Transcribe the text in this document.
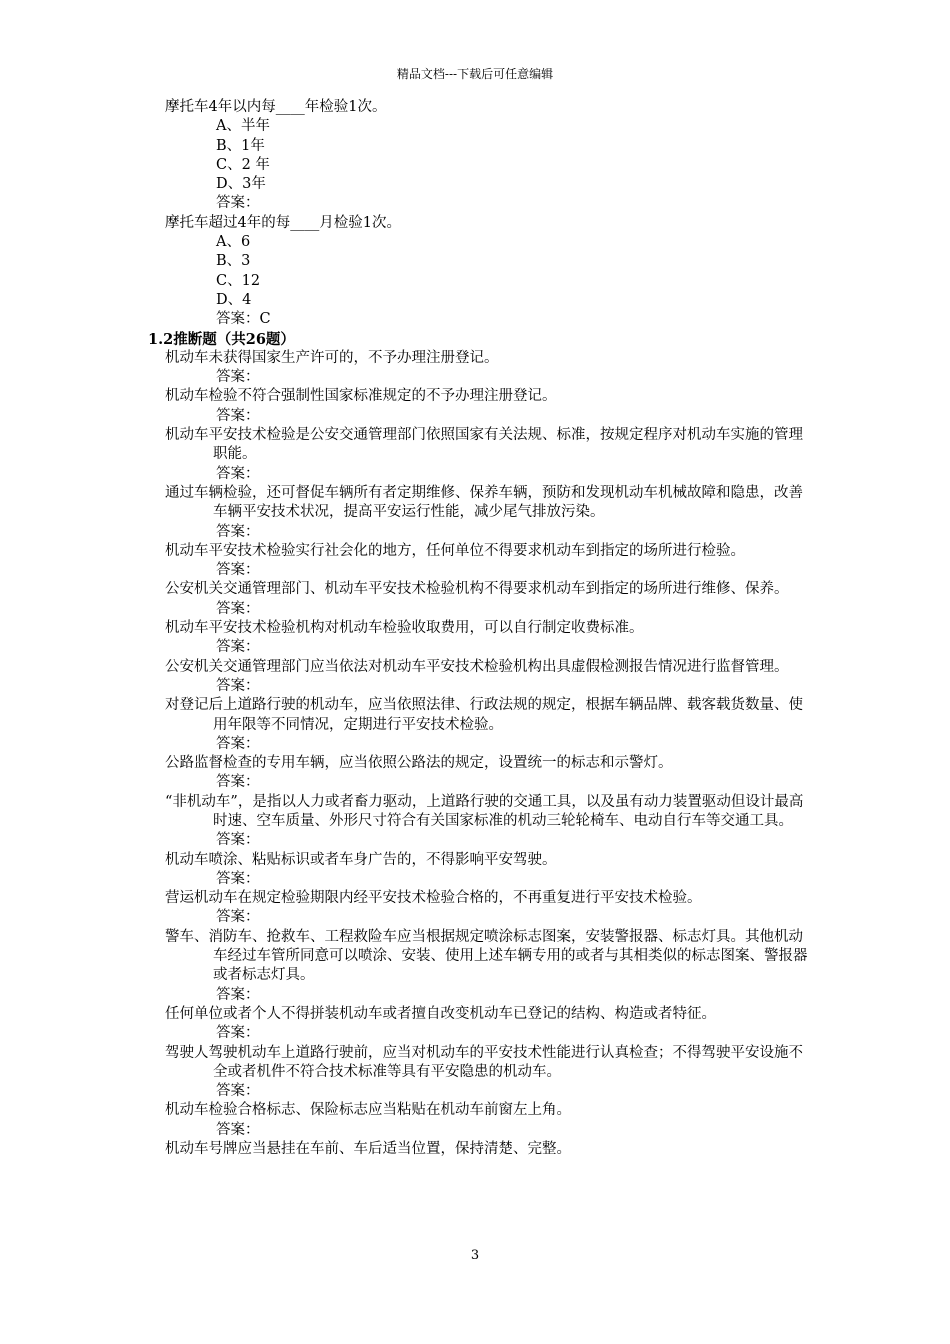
精品文档---下载后可任意编辑

摩托车4年以内每____年检验1次。

A、半年

B、1年

C、2 年

D、3年

答案：

摩托车超过4年的每____月检验1次。

A、6

B、3

C、12

D、4

答案：C

1.2推断题（共26题）

机动车未获得国家生产许可的，不予办理注册登记。

答案：

机动车检验不符合强制性国家标准规定的不予办理注册登记。

答案：

机动车平安技术检验是公安交通管理部门依照国家有关法规、标准，按规定程序对机动车实施的管理职能。

答案：

通过车辆检验，还可督促车辆所有者定期维修、保养车辆，预防和发现机动车机械故障和隐患，改善车辆平安技术状况，提高平安运行性能，减少尾气排放污染。

答案：

机动车平安技术检验实行社会化的地方，任何单位不得要求机动车到指定的场所进行检验。

答案：

公安机关交通管理部门、机动车平安技术检验机构不得要求机动车到指定的场所进行维修、保养。

答案：

机动车平安技术检验机构对机动车检验收取费用，可以自行制定收费标准。

答案：

公安机关交通管理部门应当依法对机动车平安技术检验机构出具虚假检测报告情况进行监督管理。

答案：

对登记后上道路行驶的机动车，应当依照法律、行政法规的规定，根据车辆品牌、载客载货数量、使用年限等不同情况，定期进行平安技术检验。

答案：

公路监督检查的专用车辆，应当依照公路法的规定，设置统一的标志和示警灯。

答案：

“非机动车”，是指以人力或者畜力驱动，上道路行驶的交通工具，以及虽有动力装置驱动但设计最高时速、空车质量、外形尺寸符合有关国家标准的机动三轮轮椅车、电动自行车等交通工具。

答案：

机动车喷涂、粘贴标识或者车身广告的，不得影响平安驾驶。

答案：

营运机动车在规定检验期限内经平安技术检验合格的，不再重复进行平安技术检验。

答案：

警车、消防车、抢救车、工程救险车应当根据规定喷涂标志图案，安装警报器、标志灯具。其他机动车经过车管所同意可以喷涂、安装、使用上述车辆专用的或者与其相类似的标志图案、警报器或者标志灯具。

答案：

任何单位或者个人不得拼装机动车或者擅自改变机动车已登记的结构、构造或者特征。

答案：

驾驶人驾驶机动车上道路行驶前，应当对机动车的平安技术性能进行认真检查；不得驾驶平安设施不全或者机件不符合技术标准等具有平安隐患的机动车。

答案：

机动车检验合格标志、保险标志应当粘贴在机动车前窗左上角。

答案：

机动车号牌应当悬挂在车前、车后适当位置，保持清楚、完整。

3
